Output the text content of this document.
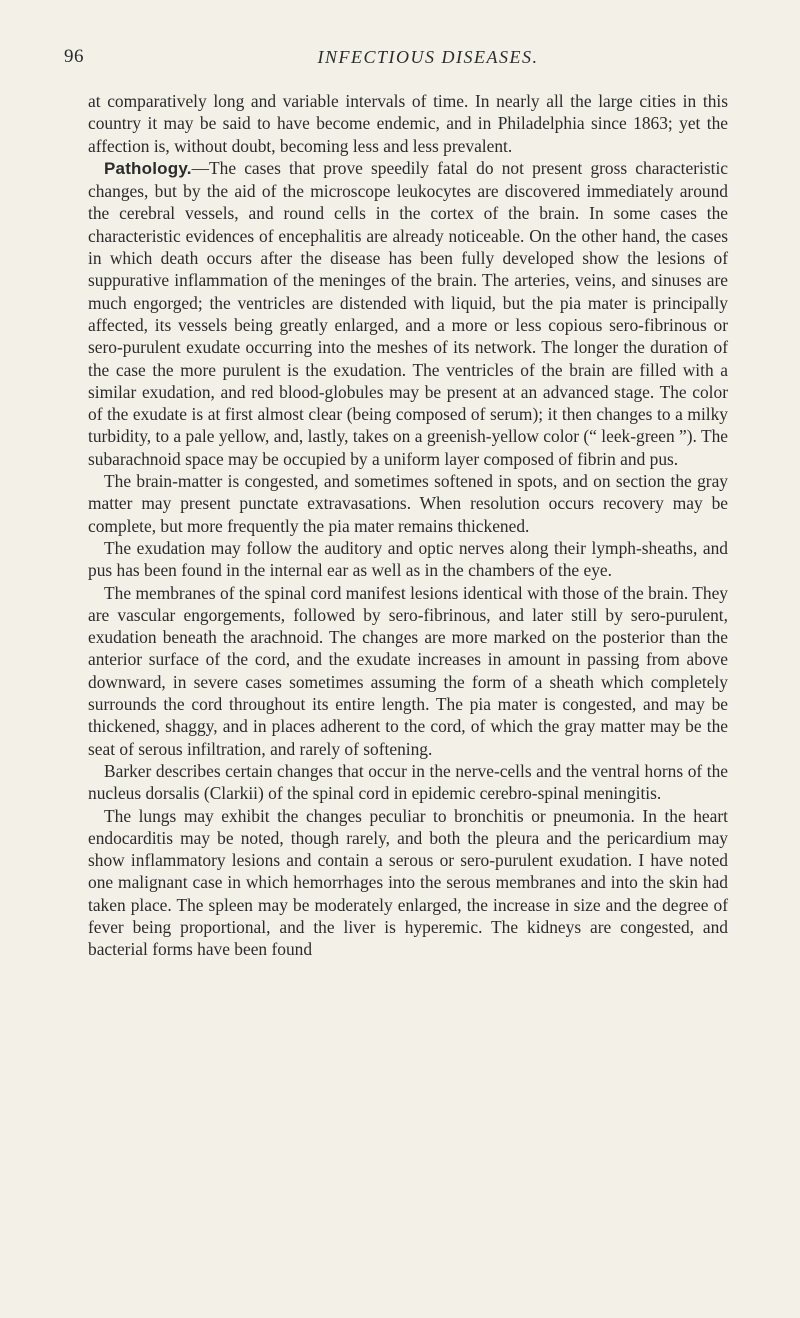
96	INFECTIOUS DISEASES.

at comparatively long and variable intervals of time. In nearly all the large cities in this country it may be said to have become endemic, and in Philadelphia since 1863; yet the affection is, without doubt, becoming less and less prevalent.

Pathology.—The cases that prove speedily fatal do not present gross characteristic changes, but by the aid of the microscope leukocytes are discovered immediately around the cerebral vessels, and round cells in the cortex of the brain. In some cases the characteristic evidences of encephalitis are already noticeable. On the other hand, the cases in which death occurs after the disease has been fully developed show the lesions of suppurative inflammation of the meninges of the brain. The arteries, veins, and sinuses are much engorged; the ventricles are distended with liquid, but the pia mater is principally affected, its vessels being greatly enlarged, and a more or less copious sero-fibrinous or sero-purulent exudate occurring into the meshes of its network. The longer the duration of the case the more purulent is the exudation. The ventricles of the brain are filled with a similar exudation, and red blood-globules may be present at an advanced stage. The color of the exudate is at first almost clear (being composed of serum); it then changes to a milky turbidity, to a pale yellow, and, lastly, takes on a greenish-yellow color (“ leek-green ”). The subarachnoid space may be occupied by a uniform layer composed of fibrin and pus.

The brain-matter is congested, and sometimes softened in spots, and on section the gray matter may present punctate extravasations. When resolution occurs recovery may be complete, but more frequently the pia mater remains thickened.

The exudation may follow the auditory and optic nerves along their lymph-sheaths, and pus has been found in the internal ear as well as in the chambers of the eye.

The membranes of the spinal cord manifest lesions identical with those of the brain. They are vascular engorgements, followed by sero-fibrinous, and later still by sero-purulent, exudation beneath the arachnoid. The changes are more marked on the posterior than the anterior surface of the cord, and the exudate increases in amount in passing from above downward, in severe cases sometimes assuming the form of a sheath which completely surrounds the cord throughout its entire length. The pia mater is congested, and may be thickened, shaggy, and in places adherent to the cord, of which the gray matter may be the seat of serous infiltration, and rarely of softening.

Barker describes certain changes that occur in the nerve-cells and the ventral horns of the nucleus dorsalis (Clarkii) of the spinal cord in epidemic cerebro-spinal meningitis.

The lungs may exhibit the changes peculiar to bronchitis or pneumonia. In the heart endocarditis may be noted, though rarely, and both the pleura and the pericardium may show inflammatory lesions and contain a serous or sero-purulent exudation. I have noted one malignant case in which hemorrhages into the serous membranes and into the skin had taken place. The spleen may be moderately enlarged, the increase in size and the degree of fever being proportional, and the liver is hyperemic. The kidneys are congested, and bacterial forms have been found
